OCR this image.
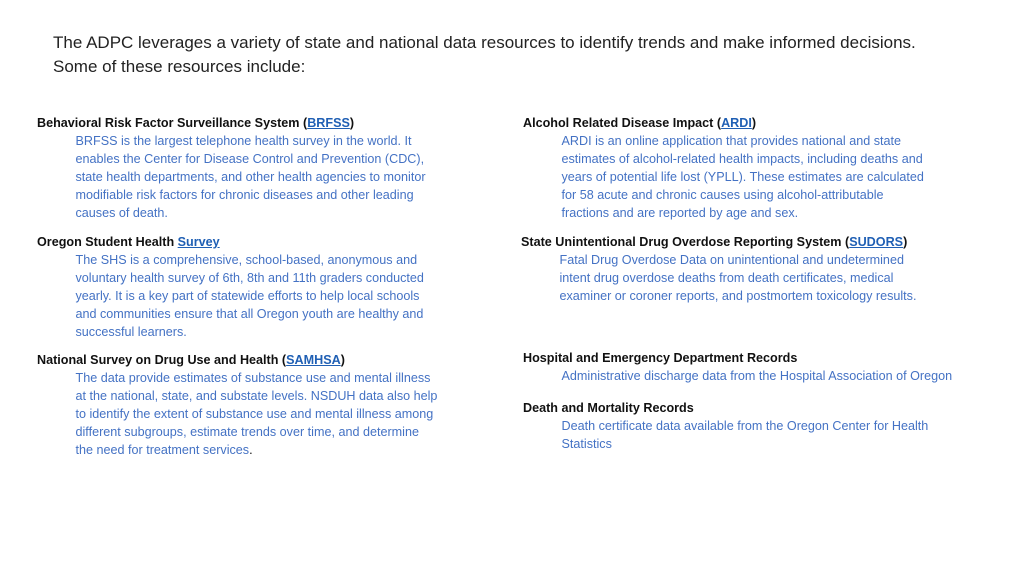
The ADPC leverages a variety of state and national data resources to identify trends and make informed decisions.
Some of these resources include:
Behavioral Risk Factor Surveillance System (BRFSS)
BRFSS is the largest telephone health survey in the world. It
enables the Center for Disease Control and Prevention (CDC),
state health departments, and other health agencies to monitor
modifiable risk factors for chronic diseases and other leading
causes of death.
Oregon Student Health Survey
The SHS is a comprehensive, school-based, anonymous and
voluntary health survey of 6th, 8th and 11th graders conducted
yearly. It is a key part of statewide efforts to help local schools
and communities ensure that all Oregon youth are healthy and
successful learners.
National Survey on Drug Use and Health (SAMHSA)
The data provide estimates of substance use and mental illness
at the national, state, and substate levels. NSDUH data also help
to identify the extent of substance use and mental illness among
different subgroups, estimate trends over time, and determine
the need for treatment services.
Alcohol Related Disease Impact (ARDI)
ARDI is an online application that provides national and state
estimates of alcohol-related health impacts, including deaths and
years of potential life lost (YPLL). These estimates are calculated
for 58 acute and chronic causes using alcohol-attributable
fractions and are reported by age and sex.
State Unintentional Drug Overdose Reporting System (SUDORS)
Fatal Drug Overdose Data on unintentional and undetermined
intent drug overdose deaths from death certificates, medical
examiner or coroner reports, and postmortem toxicology results.
Hospital and Emergency Department Records
Administrative discharge data from the Hospital Association of Oregon
Death and Mortality Records
Death certificate data available from the Oregon Center for Health
Statistics
